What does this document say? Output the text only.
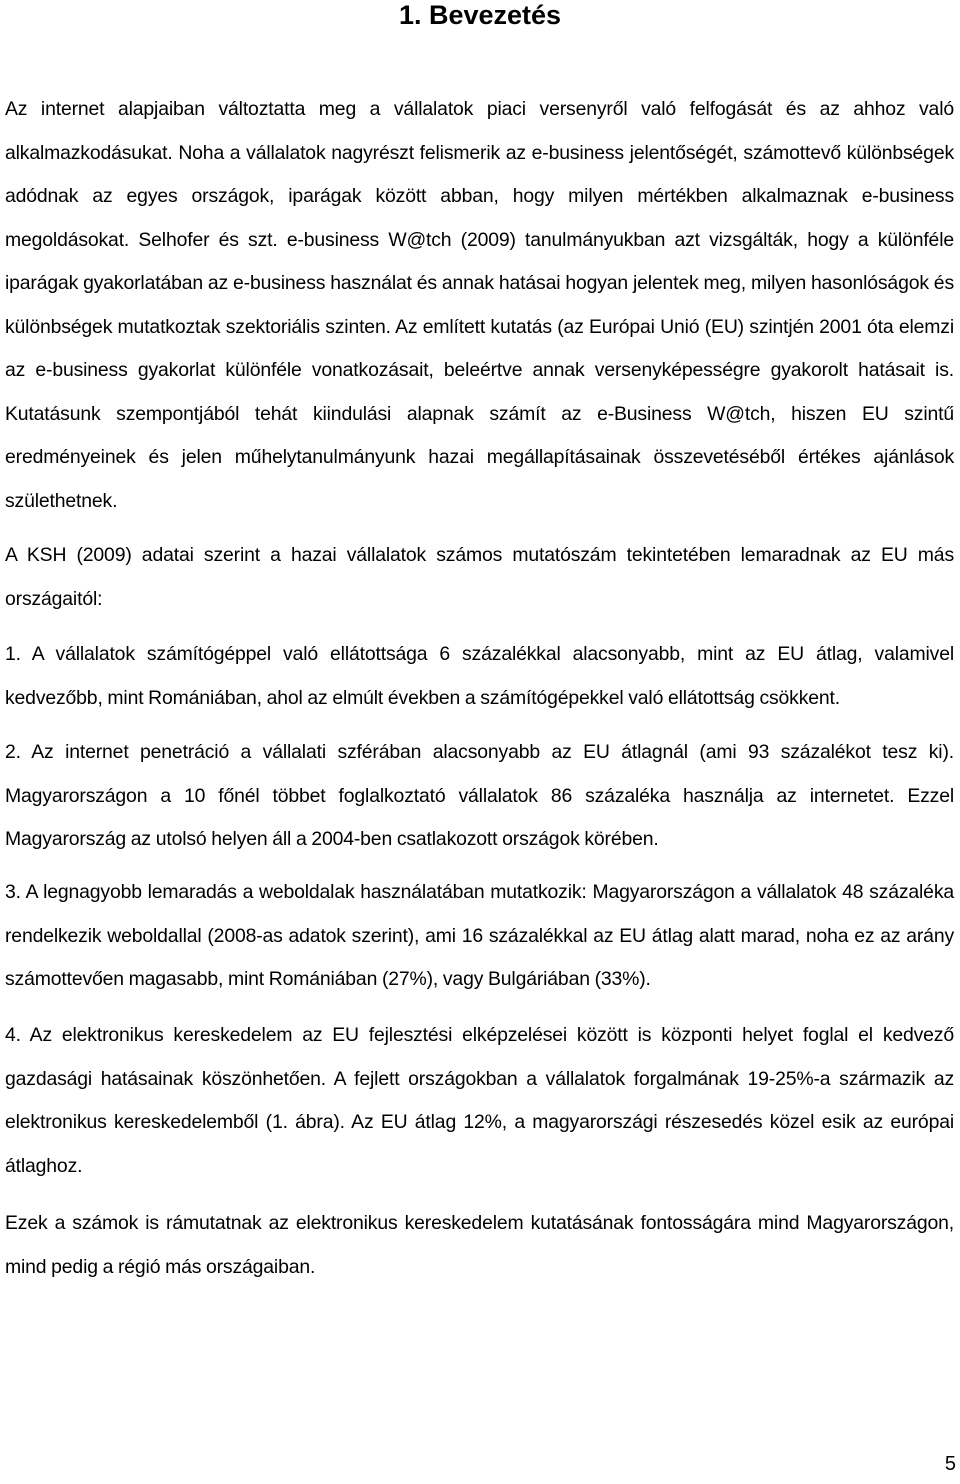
1. Bevezetés

Az internet alapjaiban változtatta meg a vállalatok piaci versenyről való felfogását és az ahhoz való alkalmazkodásukat. Noha a vállalatok nagyrészt felismerik az e-business jelentőségét, számottevő különbségek adódnak az egyes országok, iparágak között abban, hogy milyen mértékben alkalmaznak e-business megoldásokat. Selhofer és szt. e-business W@tch (2009) tanulmányukban azt vizsgálták, hogy a különféle iparágak gyakorlatában az e-business használat és annak hatásai hogyan jelentek meg, milyen hasonlóságok és különbségek mutatkoztak szektoriális szinten. Az említett kutatás (az Európai Unió (EU) szintjén 2001 óta elemzi az e-business gyakorlat különféle vonatkozásait, beleértve annak versenyképességre gyakorolt hatásait is. Kutatásunk szempontjából tehát kiindulási alapnak számít az e-Business W@tch, hiszen EU szintű eredményeinek és jelen műhelytanulmányunk hazai megállapításainak összevetéséből értékes ajánlások születhetnek.

A KSH (2009) adatai szerint a hazai vállalatok számos mutatószám tekintetében lemaradnak az EU más országaitól:

1. A vállalatok számítógéppel való ellátottsága 6 százalékkal alacsonyabb, mint az EU átlag, valamivel kedvezőbb, mint Romániában, ahol az elmúlt években a számítógépekkel való ellátottság csökkent.

2. Az internet penetráció a vállalati szférában alacsonyabb az EU átlagnál (ami 93 százalékot tesz ki). Magyarországon a 10 főnél többet foglalkoztató vállalatok 86 százaléka használja az internetet. Ezzel Magyarország az utolsó helyen áll a 2004-ben csatlakozott országok körében.

3. A legnagyobb lemaradás a weboldalak használatában mutatkozik: Magyarországon a vállalatok 48 százaléka rendelkezik weboldallal (2008-as adatok szerint), ami 16 százalékkal az EU átlag alatt marad, noha ez az arány számottevően magasabb, mint Romániában (27%), vagy Bulgáriában (33%).

4. Az elektronikus kereskedelem az EU fejlesztési elképzelései között is központi helyet foglal el kedvező gazdasági hatásainak köszönhetően. A fejlett országokban a vállalatok forgalmának 19-25%-a származik az elektronikus kereskedelemből (1. ábra). Az EU átlag 12%, a magyarországi részesedés közel esik az európai átlaghoz.

Ezek a számok is rámutatnak az elektronikus kereskedelem kutatásának fontosságára mind Magyarországon, mind pedig a régió más országaiban.

5
